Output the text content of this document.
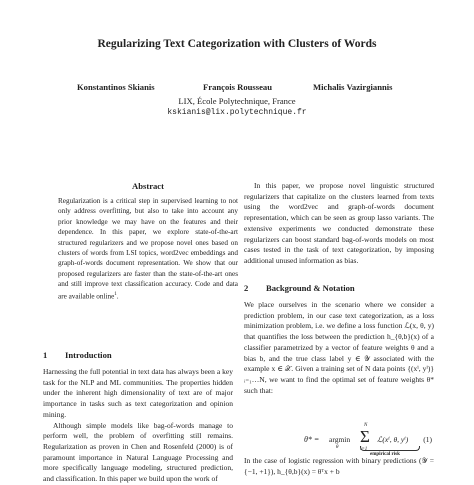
Regularizing Text Categorization with Clusters of Words
Konstantinos Skianis	François Rousseau	Michalis Vazirgiannis
LIX, École Polytechnique, France
kskianis@lix.polytechnique.fr
Abstract
Regularization is a critical step in supervised learning to not only address overfitting, but also to take into account any prior knowledge we may have on the features and their dependence. In this paper, we explore state-of-the-art structured regularizers and we propose novel ones based on clusters of words from LSI topics, word2vec embeddings and graph-of-words document representation. We show that our proposed regularizers are faster than the state-of-the-art ones and still improve text classification accuracy. Code and data are available online$^1$.
1 Introduction

Harnessing the full potential in text data has always been a key task for the NLP and ML communities. The properties hidden under the inherent high dimensionality of text are of major importance in tasks such as text categorization and opinion mining.

Although simple models like bag-of-words manage to perform well, the problem of overfitting still remains. Regularization as proven in Chen and Rosenfeld (2000) is of paramount importance in Natural Language Processing and more specifically language modeling, structured prediction, and classification. In this paper we build upon the work of

In this paper, we propose novel linguistic structured regularizers that capitalize on the clusters learned from texts using the word2vec and graph-of-words document representation, which can be seen as group lasso variants. The extensive experiments we conducted demonstrate these regularizers can boost standard bag-of-words models on most cases tested in the task of text categorization, by imposing additional unused information as bias.

2 Background & Notation

We place ourselves in the scenario where we consider a prediction problem, in our case text categorization, as a loss minimization problem, i.e. we define a loss function ℒ(x, θ, y) that quantifies the loss between the prediction h_{θ,b}(x) of a classifier parametrized by a vector of feature weights θ and a bias b, and the true class label y ∈ 𝒴 associated with the example x ∈ 𝒳. Given a training set of N data points {(xⁱ, yⁱ)}ᵢ₌₁…N, we want to find the optimal set of feature weights θ* such that:

θ* = argmin
θ
N
Σ
i=1
ℒ(xⁱ, θ, yⁱ)
empirical risk
(1)

In the case of logistic regression with binary predictions (𝒴 = {−1, +1}), h_{θ,b}(x) = θᵀx + b
